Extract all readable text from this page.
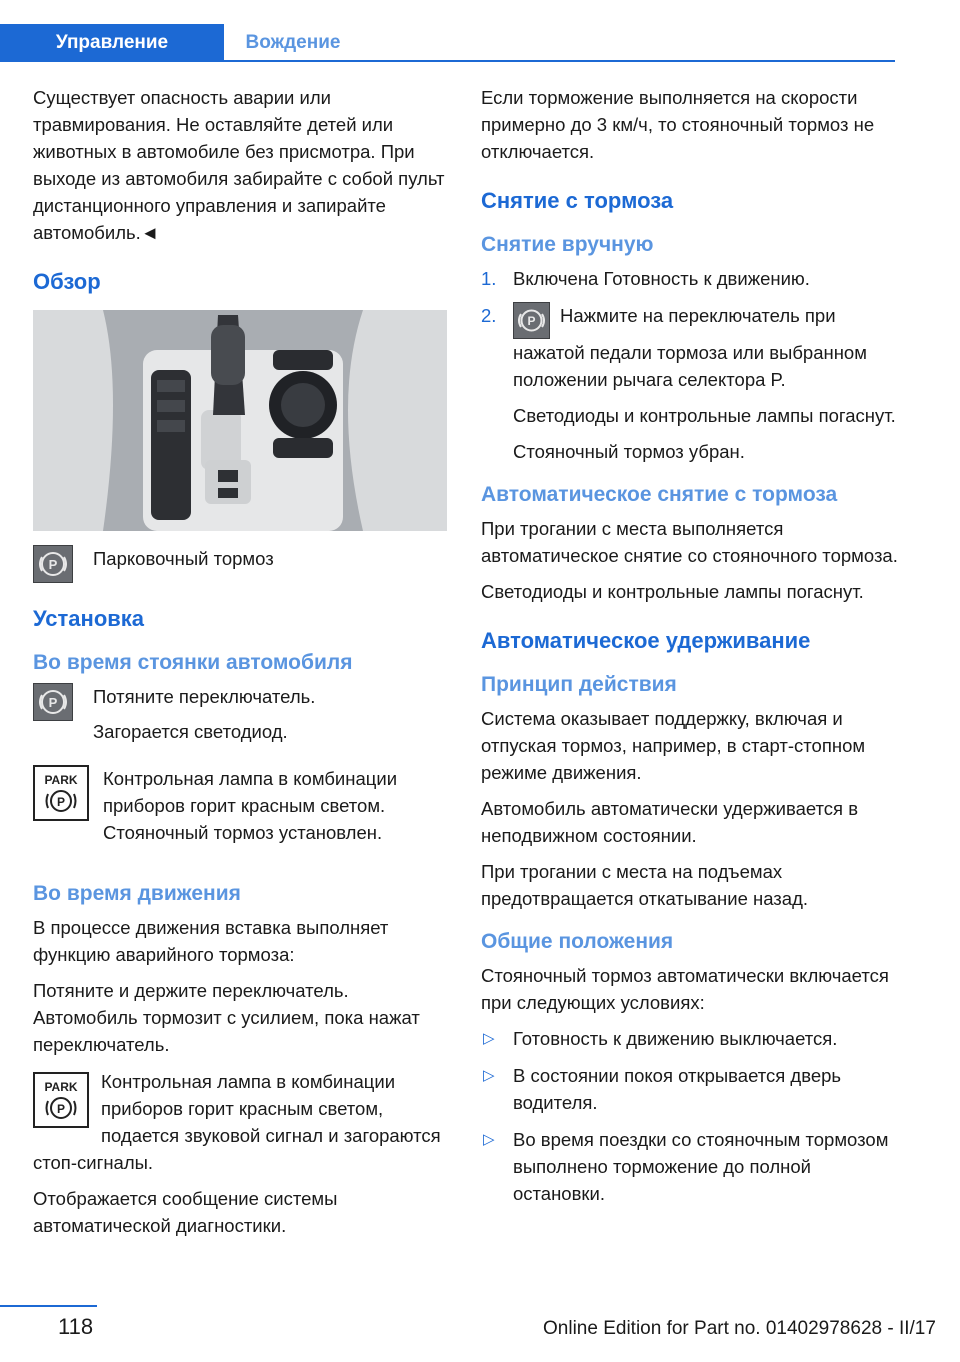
Управление	Вождение

Существует опасность аварии или травмирования. Не оставляйте детей или животных в автомобиле без присмотра. При выходе из автомобиля забирайте с собой пульт дистанционного управления и запирайте автомобиль.◄

Обзор
P Парковочный тормоз

Установка
Во время стоянки автомобиля
P Потяните переключатель.

Загорается светодиод.

PARK
P

Контрольная лампа в комбинации приборов горит красным светом. Стояночный тормоз установлен.

Во время движения

В процессе движения вставка выполняет функцию аварийного тормоза:

Потяните и держите переключатель. Автомобиль тормозит с усилием, пока нажат переключатель.

PARK
P

Контрольная лампа в комбинации приборов горит красным светом, подается звуковой сигнал и загораются стоп-сигналы.

Отображается сообщение системы автоматической диагностики.

Если торможение выполняется на скорости примерно до 3 км/ч, то стояночный тормоз не отключается.

Снятие с тормоза
Снятие вручную
1. Включена Готовность к движению.

2.	P Нажмите на переключатель при нажатой педали тормоза или выбранном положении рычага селектора P.

Светодиоды и контрольные лампы погаснут.

Стояночный тормоз убран.

Автоматическое снятие с тормоза

При трогании с места выполняется автоматическое снятие со стояночного тормоза.

Светодиоды и контрольные лампы погаснут.

Автоматическое удерживание
Принцип действия

Система оказывает поддержку, включая и отпуская тормоз, например, в старт-стопном режиме движения.

Автомобиль автоматически удерживается в неподвижном состоянии.

При трогании с места на подъемах предотвращается откатывание назад.

Общие положения

Стояночный тормоз автоматически включается при следующих условиях:

▷ Готовность к движению выключается.

▷ В состоянии покоя открывается дверь водителя.

▷ Во время поездки со стояночным тормозом выполнено торможение до полной остановки.

118	Online Edition for Part no. 01402978628 - II/17
